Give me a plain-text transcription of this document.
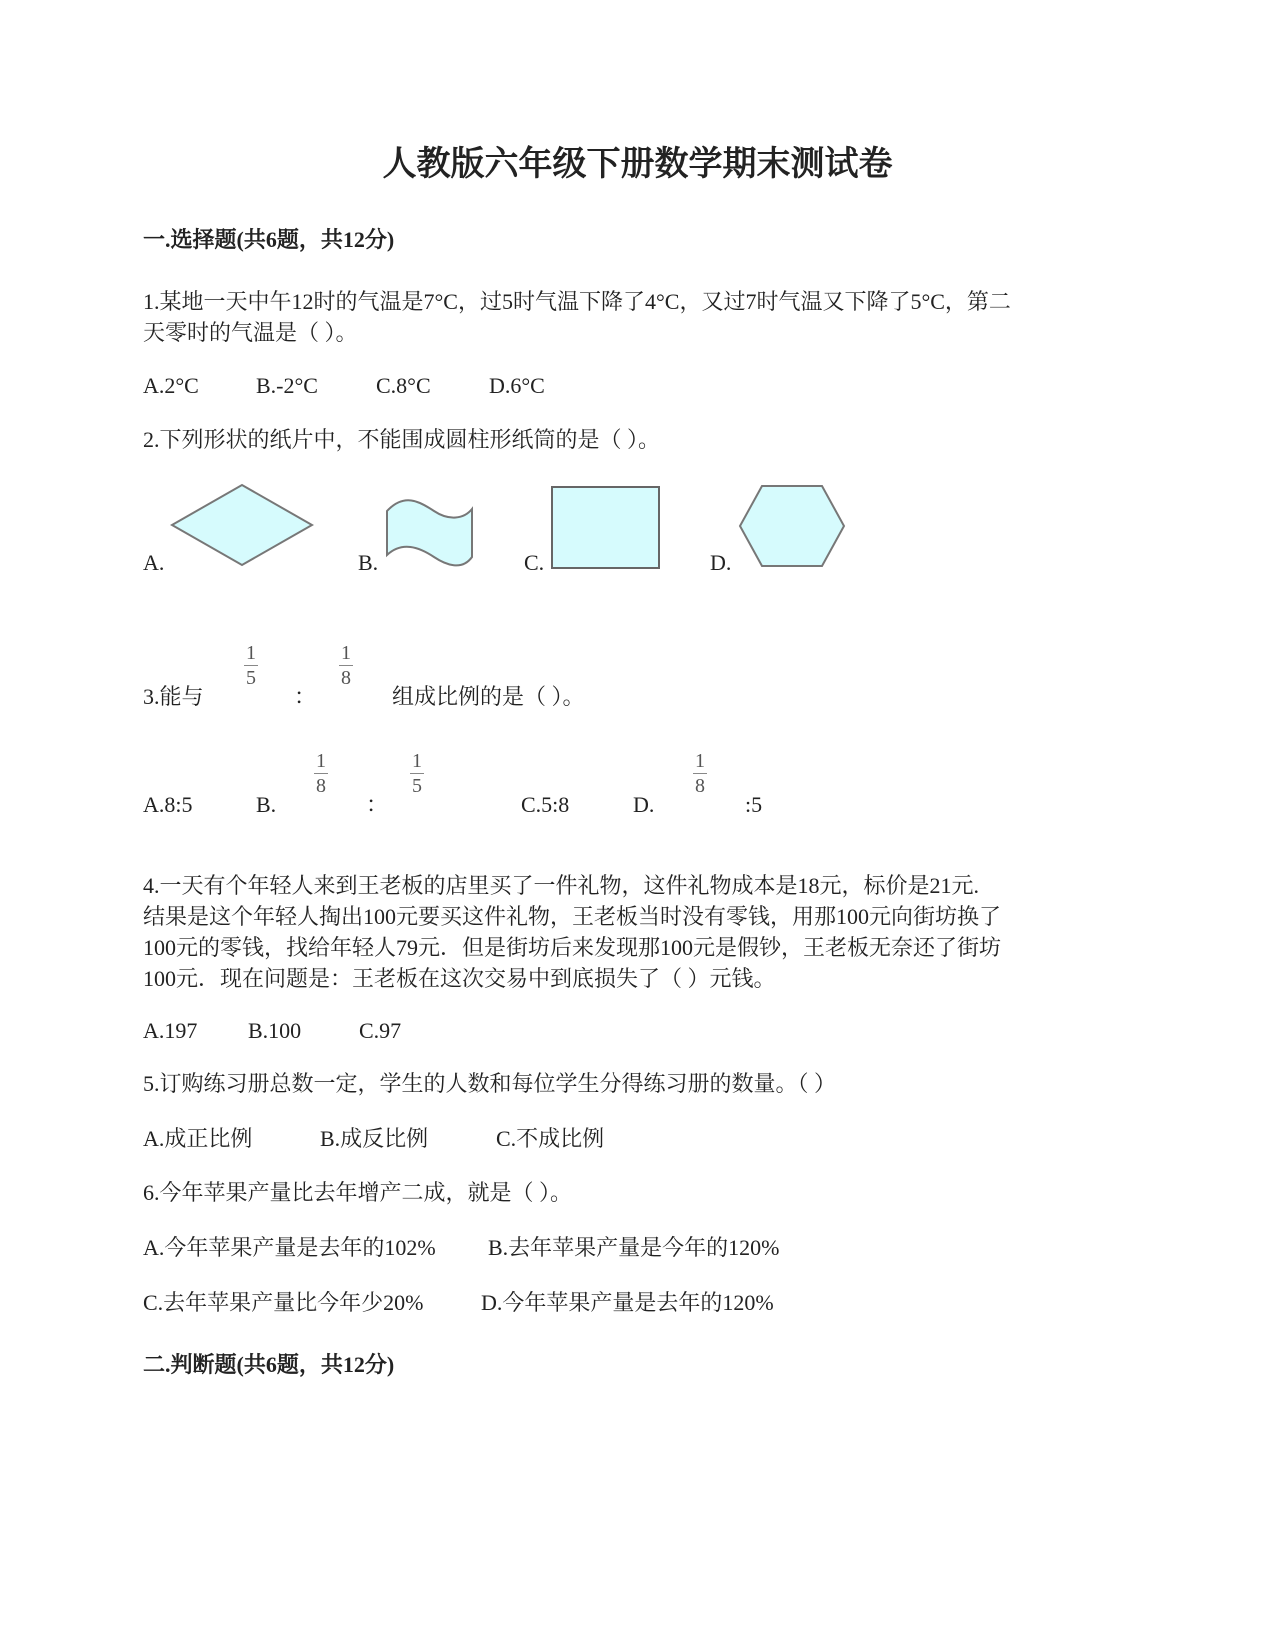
人教版六年级下册数学期末测试卷
一.选择题(共6题，共12分)
1.某地一天中午12时的气温是7°C，过5时气温下降了4°C，又过7时气温又下降了5°C，第二
天零时的气温是（ ）。
A.2°C	B.-2°C	C.8°C	D.6°C
2.下列形状的纸片中，不能围成圆柱形纸筒的是（ ）。
A.	B.	C.	D.
3.能与
1
5
：
1
8
组成比例的是（ ）。
A.8:5	B.
1
8
：
1
5
C.5:8	D.
1
8
:5
4.一天有个年轻人来到王老板的店里买了一件礼物，这件礼物成本是18元，标价是21元.
结果是这个年轻人掏出100元要买这件礼物，王老板当时没有零钱，用那100元向街坊换了
100元的零钱，找给年轻人79元．但是街坊后来发现那100元是假钞，王老板无奈还了街坊
100元．现在问题是：王老板在这次交易中到底损失了（ ）元钱。
A.197 B.100	C.97
5.订购练习册总数一定，学生的人数和每位学生分得练习册的数量。（ ）
A.成正比例	B.成反比例	C.不成比例
6.今年苹果产量比去年增产二成，就是（ ）。
A.今年苹果产量是去年的102% B.去年苹果产量是今年的120%
C.去年苹果产量比今年少20%	D.今年苹果产量是去年的120%
二.判断题(共6题，共12分)
